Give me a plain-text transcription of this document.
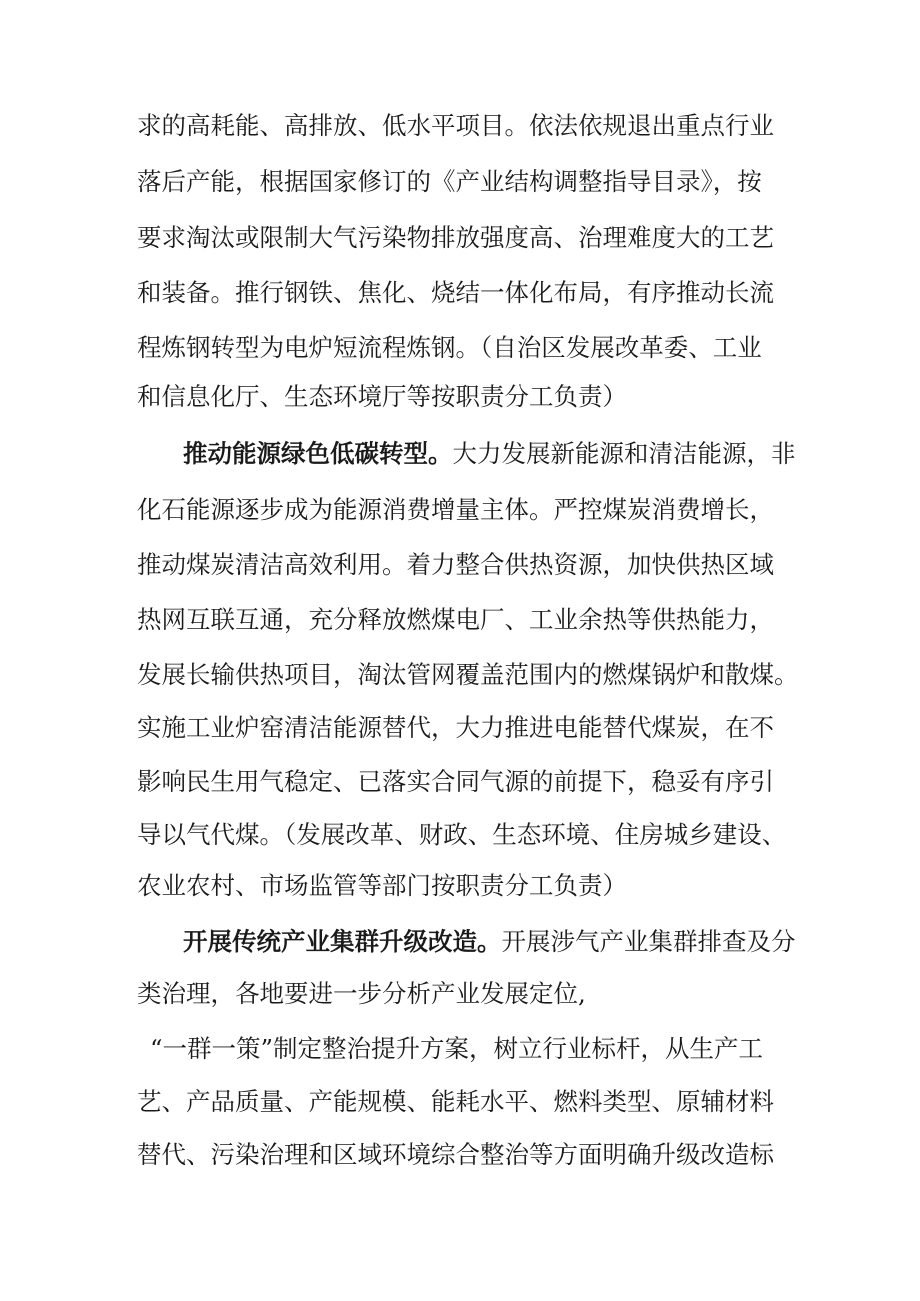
求的高耗能、高排放、低水平项目。依法依规退出重点行业
落后产能，根据国家修订的《产业结构调整指导目录》，按
要求淘汰或限制大气污染物排放强度高、治理难度大的工艺
和装备。推行钢铁、焦化、烧结一体化布局，有序推动长流
程炼钢转型为电炉短流程炼钢。（自治区发展改革委、工业
和信息化厅、生态环境厅等按职责分工负责）
推动能源绿色低碳转型。大力发展新能源和清洁能源，非
化石能源逐步成为能源消费增量主体。严控煤炭消费增长，
推动煤炭清洁高效利用。着力整合供热资源，加快供热区域
热网互联互通，充分释放燃煤电厂、工业余热等供热能力，
发展长输供热项目，淘汰管网覆盖范围内的燃煤锅炉和散煤。
实施工业炉窑清洁能源替代，大力推进电能替代煤炭，在不
影响民生用气稳定、已落实合同气源的前提下，稳妥有序引
导以气代煤。（发展改革、财政、生态环境、住房城乡建设、
农业农村、市场监管等部门按职责分工负责）
开展传统产业集群升级改造。开展涉气产业集群排查及分
类治理，各地要进一步分析产业发展定位,
“一群一策”制定整治提升方案，树立行业标杆，从生产工
艺、产品质量、产能规模、能耗水平、燃料类型、原辅材料
替代、污染治理和区域环境综合整治等方面明确升级改造标
